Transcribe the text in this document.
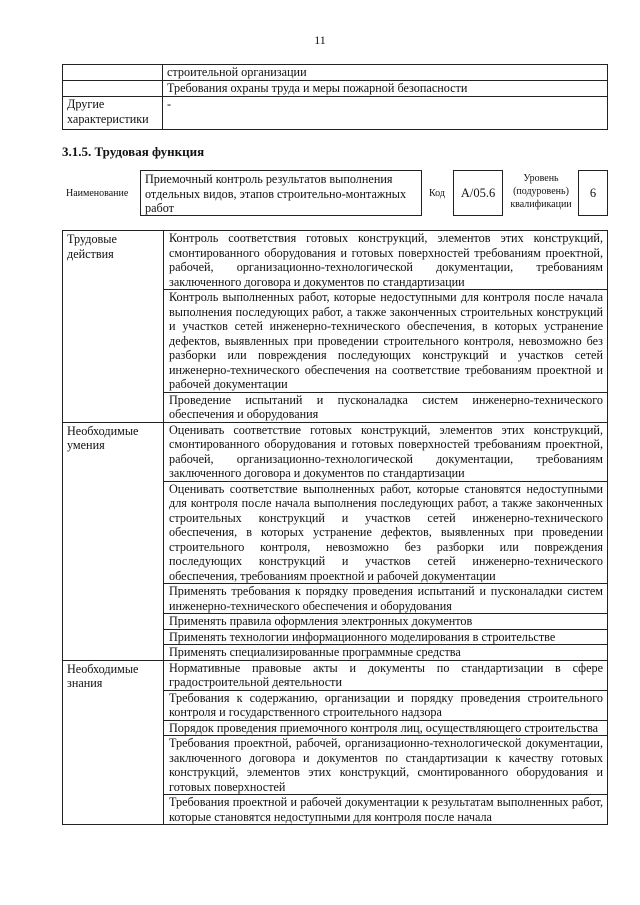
11
	строительной организации
	Требования охраны труда и меры пожарной безопасности
Другие характеристики	-
3.1.5. Трудовая функция
Наименование
Приемочный контроль результатов выполнения отдельных видов, этапов строительно-монтажных работ
Код	A/05.6
Уровень (подуровень) квалификации
6
Трудовые действия	Контроль соответствия готовых конструкций, элементов этих конструкций, смонтированного оборудования и готовых поверхностей требованиям проектной, рабочей, организационно-технологической документации, требованиям заключенного договора и документов по стандартизации
	Контроль выполненных работ, которые недоступными для контроля после начала выполнения последующих работ, а также законченных строительных конструкций и участков сетей инженерно-технического обеспечения, в которых устранение дефектов, выявленных при проведении строительного контроля, невозможно без разборки или повреждения последующих конструкций и участков сетей инженерно-технического обеспечения на соответствие требованиям проектной и рабочей документации
	Проведение испытаний и пусконаладка систем инженерно-технического обеспечения и оборудования
Необходимые умения	Оценивать соответствие готовых конструкций, элементов этих конструкций, смонтированного оборудования и готовых поверхностей требованиям проектной, рабочей, организационно-технологической документации, требованиям заключенного договора и документов по стандартизации
	Оценивать соответствие выполненных работ, которые становятся недоступными для контроля после начала выполнения последующих работ, а также законченных строительных конструкций и участков сетей инженерно-технического обеспечения, в которых устранение дефектов, выявленных при проведении строительного контроля, невозможно без разборки или повреждения последующих конструкций и участков сетей инженерно-технического обеспечения, требованиям проектной и рабочей документации
	Применять требования к порядку проведения испытаний и пусконаладки систем инженерно-технического обеспечения и оборудования
	Применять правила оформления электронных документов
	Применять технологии информационного моделирования в строительстве
	Применять специализированные программные средства
Необходимые знания	Нормативные правовые акты и документы по стандартизации в сфере градостроительной деятельности
	Требования к содержанию, организации и порядку проведения строительного контроля и государственного строительного надзора
	Порядок проведения приемочного контроля лиц, осуществляющего строительства
	Требования проектной, рабочей, организационно-технологической документации, заключенного договора и документов по стандартизации к качеству готовых конструкций, элементов этих конструкций, смонтированного оборудования и готовых поверхностей
	Требования проектной и рабочей документации к результатам выполненных работ, которые становятся недоступными для контроля после начала
